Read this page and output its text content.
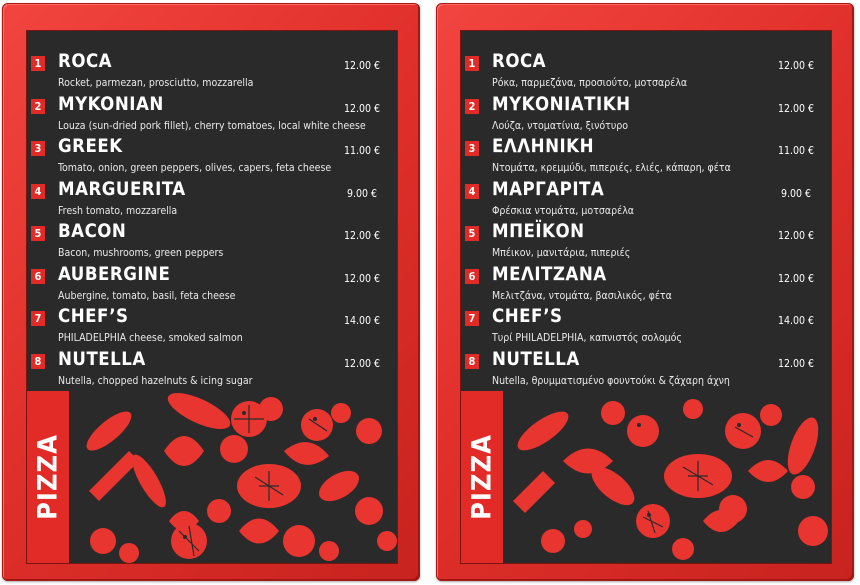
1 ROCA
Rocket, parmezan, prosciutto, mozzarella
12.00 €
2 MYKONIAN
Louza (sun-dried pork fillet), cherry tomatoes, local white cheese
12.00 €
3 GREEK
Tomato, onion, green peppers, olives, capers, feta cheese
11.00 €
4 MARGUERITA
Fresh tomato, mozzarella
9.00 €
5 BACON
Bacon, mushrooms, green peppers
12.00 €
6 AUBERGINE
Aubergine, tomato, basil, feta cheese
12.00 €
7 CHEF’S
PHILADELPHIA cheese, smoked salmon
14.00 €
8 NUTELLA
Nutella, chopped hazelnuts & icing sugar
12.00 €
PIZZA
1 ROCA
Ρόκα, παρμεζάνα, προσιούτο, μοτσαρέλα
12.00 €
2 ΜΥΚΟΝΙΑΤΙΚΗ
Λούζα, ντοματίνια, ξινότυρο
12.00 €
3 ΕΛΛΗΝΙΚΗ
Ντομάτα, κρεμμύδι, πιπεριές, ελιές, κάπαρη, φέτα
11.00 €
4 ΜΑΡΓΑΡΙΤΑ
Φρέσκια ντομάτα, μοτσαρέλα
9.00 €
5 ΜΠΕΪΚΟΝ
Μπέικον, μανιτάρια, πιπεριές
12.00 €
6 ΜΕΛΙΤΖΑΝΑ
Μελιτζάνα, ντομάτα, βασιλικός, φέτα
12.00 €
7 CHEF’S
Τυρί PHILADELPHIA, καπνιστός σολομός
14.00 €
8 NUTELLA
Nutella, θρυμματισμένο φουντούκι & ζάχαρη άχνη
12.00 €
PIZZA
